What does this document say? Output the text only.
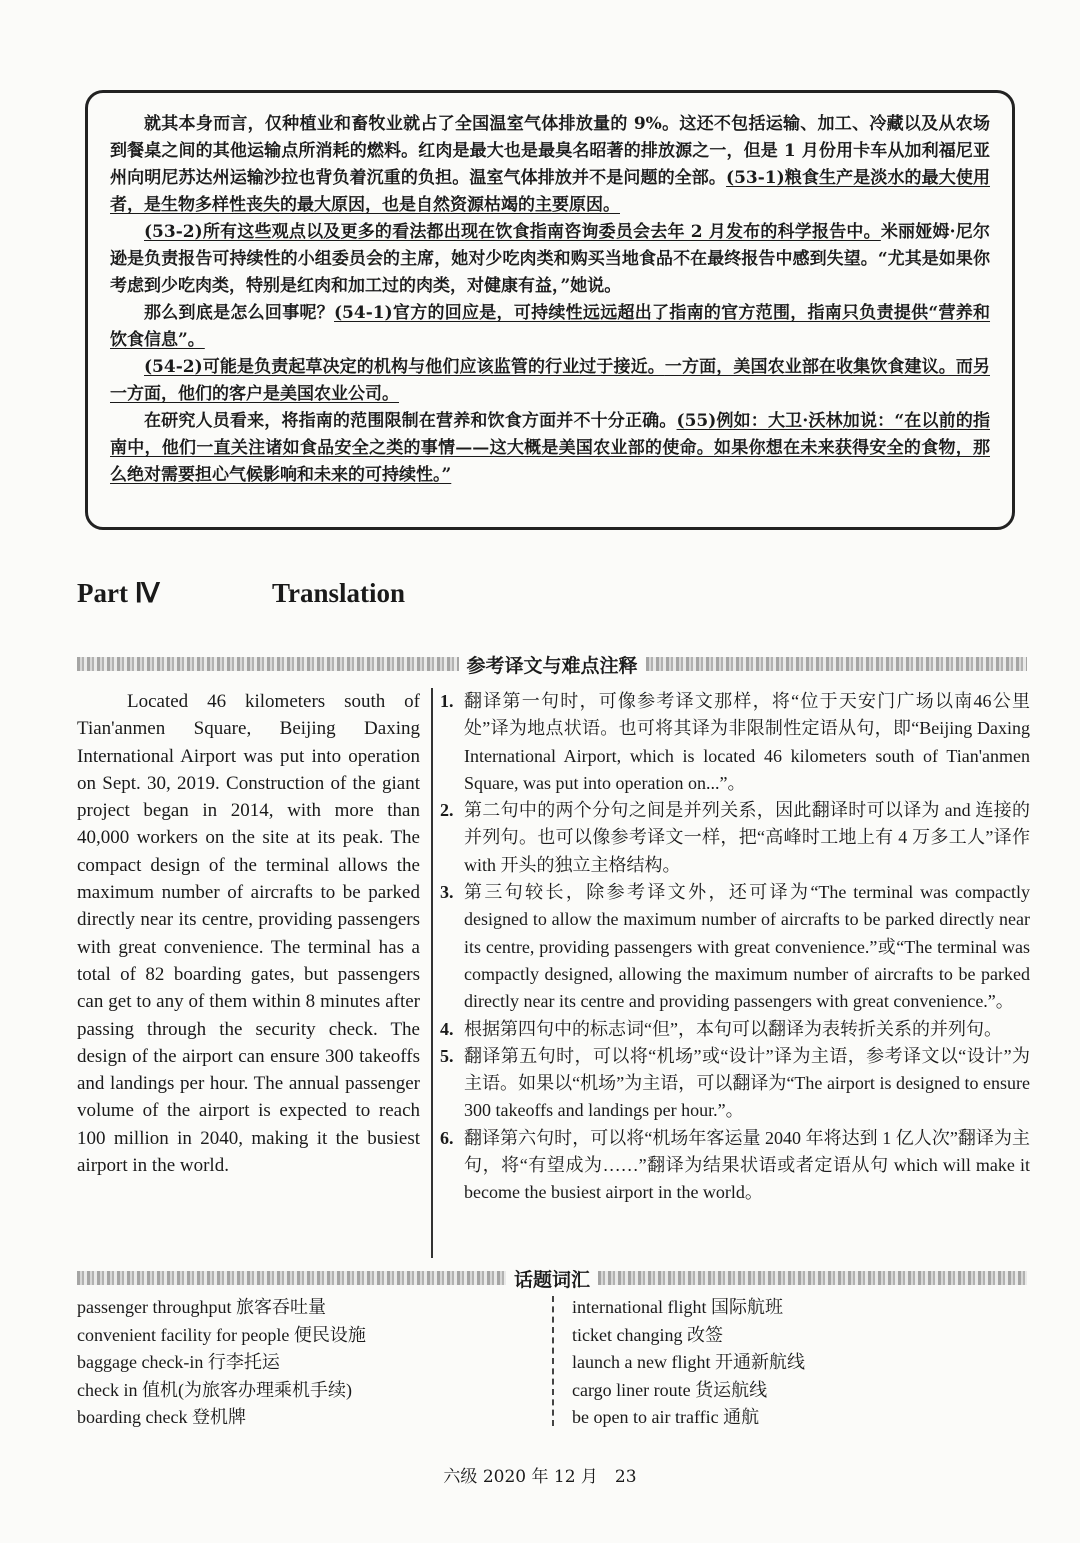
就其本身而言，仅种植业和畜牧业就占了全国温室气体排放量的 9%。这还不包括运输、加工、冷藏以及从农场到餐桌之间的其他运输点所消耗的燃料。红肉是最大也是最臭名昭著的排放源之一，但是 1 月份用卡车从加利福尼亚州向明尼苏达州运输沙拉也背负着沉重的负担。温室气体排放并不是问题的全部。(53-1)粮食生产是淡水的最大使用者，是生物多样性丧失的最大原因，也是自然资源枯竭的主要原因。

(53-2)所有这些观点以及更多的看法都出现在饮食指南咨询委员会去年 2 月发布的科学报告中。米丽娅姆·尼尔逊是负责报告可持续性的小组委员会的主席，她对少吃肉类和购买当地食品不在最终报告中感到失望。“尤其是如果你考虑到少吃肉类，特别是红肉和加工过的肉类，对健康有益，”她说。

那么到底是怎么回事呢？(54-1)官方的回应是，可持续性远远超出了指南的官方范围，指南只负责提供“营养和饮食信息”。

(54-2)可能是负责起草决定的机构与他们应该监管的行业过于接近。一方面，美国农业部在收集饮食建议。而另一方面，他们的客户是美国农业公司。

在研究人员看来，将指南的范围限制在营养和饮食方面并不十分正确。(55)例如：大卫·沃林加说：“在以前的指南中，他们一直关注诸如食品安全之类的事情——这大概是美国农业部的使命。如果你想在未来获得安全的食物，那么绝对需要担心气候影响和未来的可持续性。”

Part Ⅳ	Translation
参考译文与难点注释
Located 46 kilometers south of Tian'anmen Square, Beijing Daxing International Airport was put into operation on Sept. 30, 2019. Construction of the giant project began in 2014, with more than 40,000 workers on the site at its peak. The compact design of the terminal allows the maximum number of aircrafts to be parked directly near its centre, providing passengers with great convenience. The terminal has a total of 82 boarding gates, but passengers can get to any of them within 8 minutes after passing through the security check. The design of the airport can ensure 300 takeoffs and landings per hour. The annual passenger volume of the airport is expected to reach 100 million in 2040, making it the busiest airport in the world.
1. 翻译第一句时，可像参考译文那样，将“位于天安门广场以南46公里处”译为地点状语。也可将其译为非限制性定语从句，即“Beijing Daxing International Airport, which is located 46 kilometers south of Tian'anmen Square, was put into operation on...”。
2. 第二句中的两个分句之间是并列关系，因此翻译时可以译为 and 连接的并列句。也可以像参考译文一样，把“高峰时工地上有 4 万多工人”译作 with 开头的独立主格结构。
3. 第三句较长，除参考译文外，还可译为“The terminal was compactly designed to allow the maximum number of aircrafts to be parked directly near its centre, providing passengers with great convenience.”或“The terminal was compactly designed, allowing the maximum number of aircrafts to be parked directly near its centre and providing passengers with great convenience.”。
4. 根据第四句中的标志词“但”，本句可以翻译为表转折关系的并列句。
5. 翻译第五句时，可以将“机场”或“设计”译为主语，参考译文以“设计”为主语。如果以“机场”为主语，可以翻译为“The airport is designed to ensure 300 takeoffs and landings per hour.”。
6. 翻译第六句时，可以将“机场年客运量 2040 年将达到 1 亿人次”翻译为主句，将“有望成为……”翻译为结果状语或者定语从句 which will make it become the busiest airport in the world。
话题词汇
passenger throughput 旅客吞吐量
convenient facility for people 便民设施
baggage check-in 行李托运
check in 值机(为旅客办理乘机手续)
boarding check 登机牌
international flight 国际航班
ticket changing 改签
launch a new flight 开通新航线
cargo liner route 货运航线
be open to air traffic 通航
六级 2020 年 12 月　23
